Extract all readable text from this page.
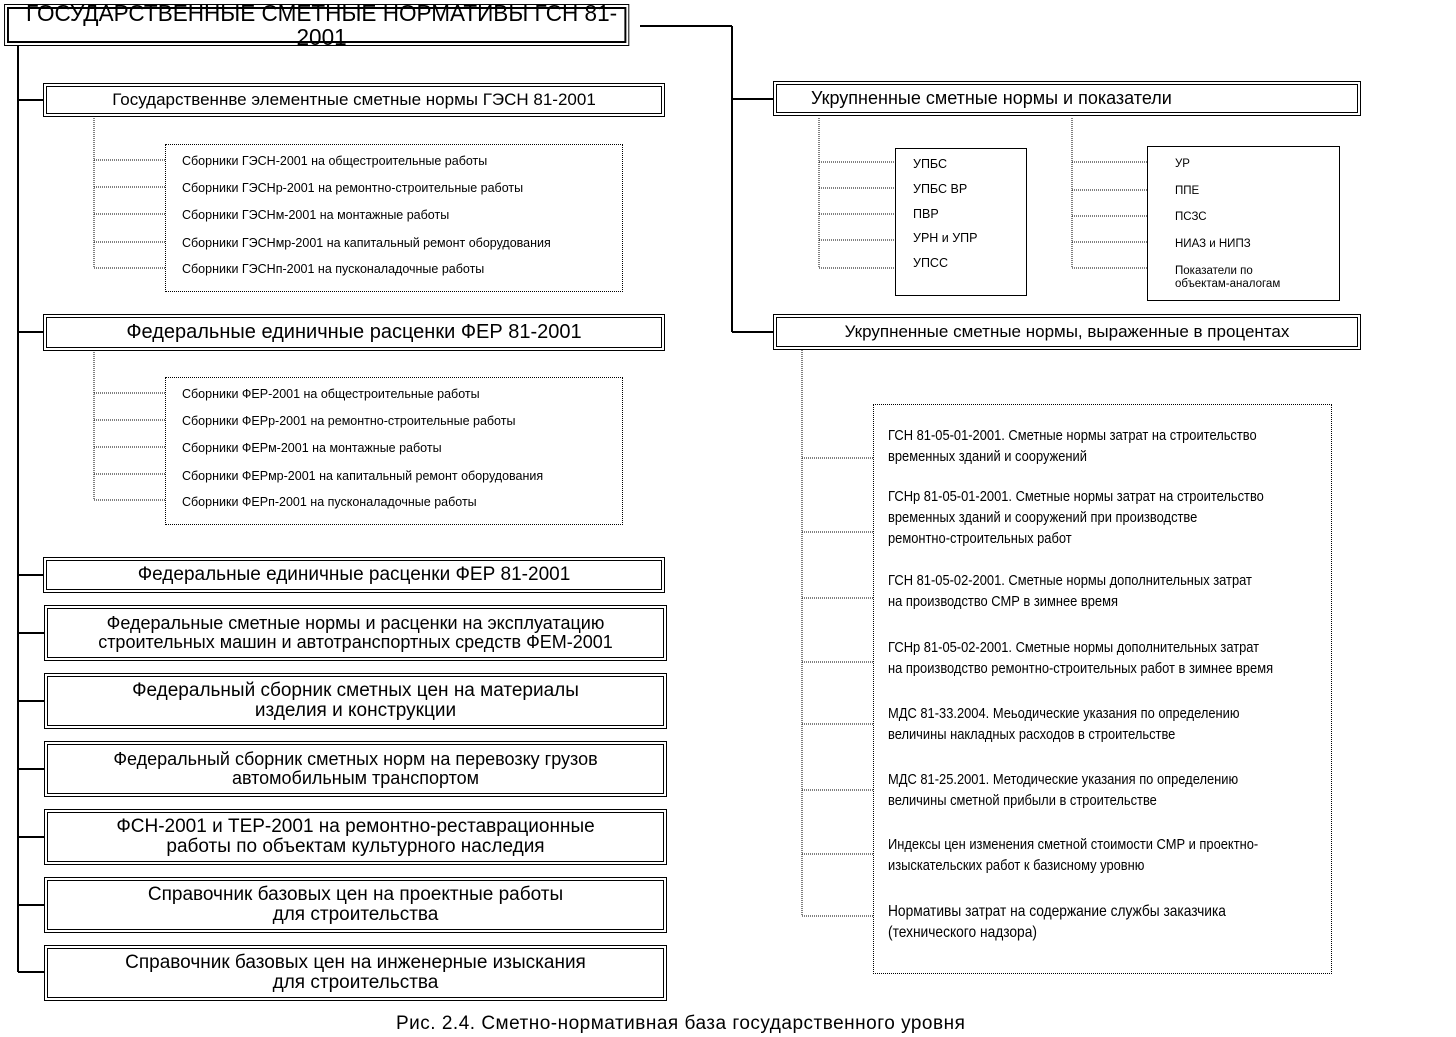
ГОСУДАРСТВЕННЫЕ СМЕТНЫЕ НОРМАТИВЫ ГСН 81-2001
Государственнве элементные сметные нормы ГЭСН 81-2001
Сборники ГЭСН-2001 на общестроительные работы
Сборники ГЭСНр-2001 на ремонтно-строительные работы
Сборники ГЭСНм-2001 на монтажные работы
Сборники ГЭСНмр-2001 на капитальный ремонт оборудования
Сборники ГЭСНп-2001 на пусконаладочные работы
Федеральные единичные расценки ФЕР 81-2001
Сборники ФЕР-2001 на общестроительные работы
Сборники ФЕРр-2001 на ремонтно-строительные работы
Сборники ФЕРм-2001 на монтажные работы
Сборники ФЕРмр-2001 на капитальный ремонт оборудования
Сборники ФЕРп-2001 на пусконаладочные работы
Федеральные единичные расценки ФЕР 81-2001
Федеральные сметные нормы и расценки на эксплуатацию
строительных машин и автотранспортных средств ФЕМ-2001
Федеральный сборник сметных цен на материалы
изделия и конструкции
Федеральный сборник сметных норм на перевозку грузов
автомобильным транспортом
ФСН-2001 и ТЕР-2001 на ремонтно-реставрационные
работы по объектам культурного наследия
Справочник базовых цен на проектные работы
для строительства
Справочник базовых цен на инженерные изыскания
для строительства
Укрупненные сметные нормы и показатели
УПБС
УПБС ВР
ПВР
УРН и УПР
УПСС
УР
ППЕ
ПСЗС
НИАЗ и НИПЗ
Показатели по
объектам-аналогам
Укрупненные сметные нормы, выраженные в процентах
ГСН 81-05-01-2001. Сметные нормы затрат на строительство
временных зданий и сооружений
ГСНр 81-05-01-2001. Сметные нормы затрат на строительство
временных зданий и сооружений при производстве
ремонтно-строительных работ
ГСН 81-05-02-2001. Сметные нормы дополнительных затрат
на производство СМР в зимнее время
ГСНр 81-05-02-2001. Сметные нормы дополнительных затрат
на производство ремонтно-строительных работ в зимнее время
МДС 81-33.2004. Меьодические указания по определению
величины накладных расходов в строительстве
МДС 81-25.2001. Методические указания по определению
величины сметной прибыли в строительстве
Индексы цен изменения сметной стоимости СМР и проектно-
изыскательских работ к базисному уровню
Нормативы затрат на содержание службы заказчика
(технического надзора)
Рис. 2.4. Сметно-нормативная база государственного уровня
